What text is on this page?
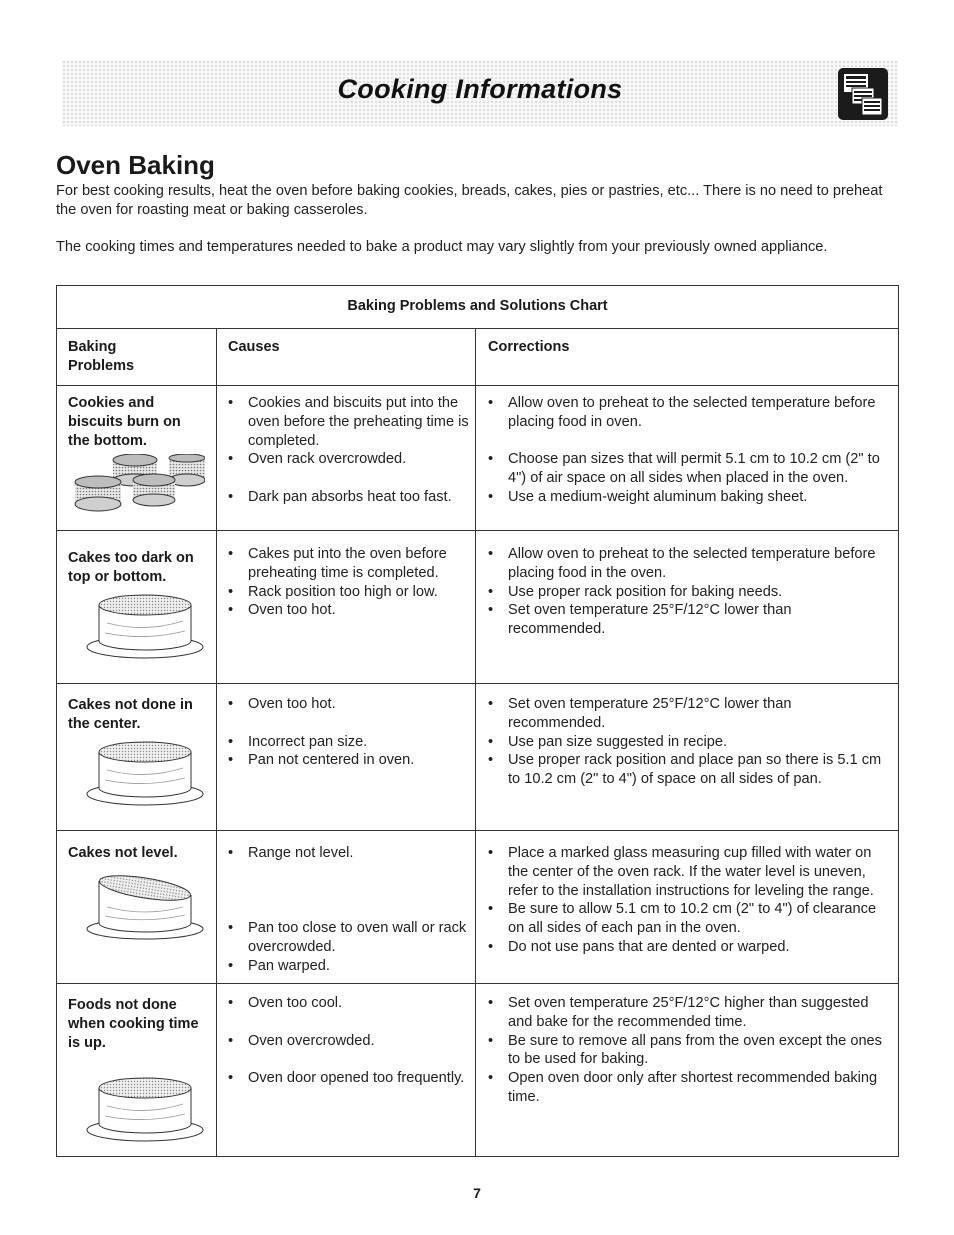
Cooking Informations
Oven Baking
For best cooking results, heat the oven before baking cookies, breads, cakes, pies or pastries, etc... There is no need to preheat the oven for roasting meat or baking casseroles.
The cooking times and temperatures needed to bake a product may vary slightly from your previously owned appliance.
Baking Problems and Solutions Chart
Baking Problems
Causes	Corrections
Cookies and biscuits burn on the bottom.
• Cookies and biscuits put into the oven before the preheating time is completed.
• Oven rack overcrowded.
• Dark pan absorbs heat too fast.
• Allow oven to preheat to the selected temperature before placing food in oven.
• Choose pan sizes that will permit 5.1 cm to 10.2 cm (2" to 4") of air space on all sides when placed in the oven.
• Use a medium-weight aluminum baking sheet.
Cakes too dark on top or bottom.
• Cakes put into the oven before preheating time is completed.
• Rack position too high or low.
• Oven too hot.
• Allow oven to preheat to the selected temperature before placing food in the oven.
• Use proper rack position for baking needs.
• Set oven temperature 25°F/12°C lower than recommended.
Cakes not done in the center.
• Oven too hot.
• Incorrect pan size.
• Pan not centered in oven.
• Set oven temperature 25°F/12°C lower than recommended.
• Use pan size suggested in recipe.
• Use proper rack position and place pan so there is 5.1 cm to 10.2 cm (2" to 4") of space on all sides of pan.
Cakes not level.
•	Range not level.
• Pan too close to oven wall or rack overcrowded.
• Pan warped.
• Place a marked glass measuring cup filled with water on the center of the oven rack. If the water level is uneven, refer to the installation instructions for leveling the range.
• Be sure to allow 5.1 cm to 10.2 cm (2" to 4") of clearance on all sides of each pan in the oven.
• Do not use pans that are dented or warped.
Foods not done when cooking time is up.
• Oven too cool.
• Oven overcrowded.
• Oven door opened too frequently.
• Set oven temperature 25°F/12°C higher than suggested and bake for the recommended time.
• Be sure to remove all pans from the oven except the ones to be used for baking.
• Open oven door only after shortest recommended baking time.
7
